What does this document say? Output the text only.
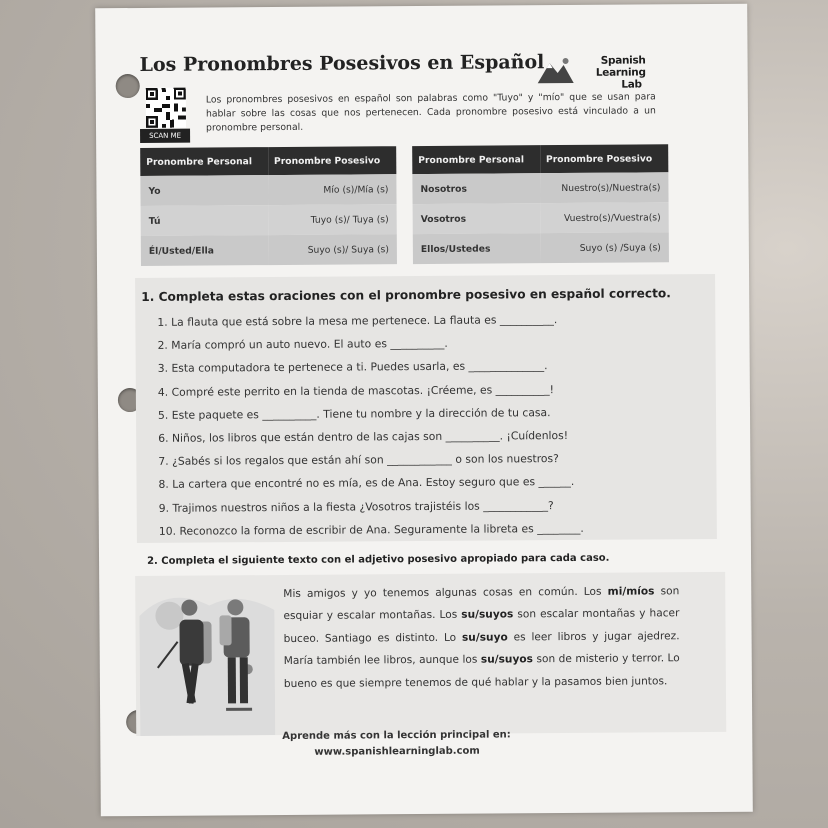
Los Pronombres Posesivos en Español	Spanish Learning
Lab
SCAN ME
Los pronombres posesivos en español son palabras como "Tuyo" y "mío" que se usan para hablar sobre las cosas que nos pertenecen. Cada pronombre posesivo está vinculado a un pronombre personal.
Pronombre Personal	Pronombre Posesivo
Yo	Mío (s)/Mía (s)
Tú	Tuyo (s)/ Tuya (s)
Él/Usted/Ella	Suyo (s)/ Suya (s)
Pronombre Personal	Pronombre Posesivo
Nosotros	Nuestro(s)/Nuestra(s)
Vosotros	Vuestro(s)/Vuestra(s)
Ellos/Ustedes	Suyo (s) /Suya (s)
1. Completa estas oraciones con el pronombre posesivo en español correcto.
1. La flauta que está sobre la mesa me pertenece. La flauta es __________.
2. María compró un auto nuevo. El auto es __________.
3. Esta computadora te pertenece a ti. Puedes usarla, es ______________.
4. Compré este perrito en la tienda de mascotas. ¡Créeme, es __________!
5. Este paquete es __________. Tiene tu nombre y la dirección de tu casa.
6. Niños, los libros que están dentro de las cajas son __________. ¡Cuídenlos!
7. ¿Sabés si los regalos que están ahí son ____________ o son los nuestros?
8. La cartera que encontré no es mía, es de Ana. Estoy seguro que es ______.
9. Trajimos nuestros niños a la fiesta ¿Vosotros trajistéis los ____________?
10. Reconozco la forma de escribir de Ana. Seguramente la libreta es ________.
2. Completa el siguiente texto con el adjetivo posesivo apropiado para cada caso.
Mis amigos y yo tenemos algunas cosas en común. Los mi/míos son esquiar y escalar montañas. Los su/suyos son escalar montañas y hacer buceo. Santiago es distinto. Lo su/suyo es leer libros y jugar ajedrez. María también lee libros, aunque los su/suyos son de misterio y terror. Lo bueno es que siempre tenemos de qué hablar y la pasamos bien juntos.
Aprende más con la lección principal en:
www.spanishlearninglab.com
